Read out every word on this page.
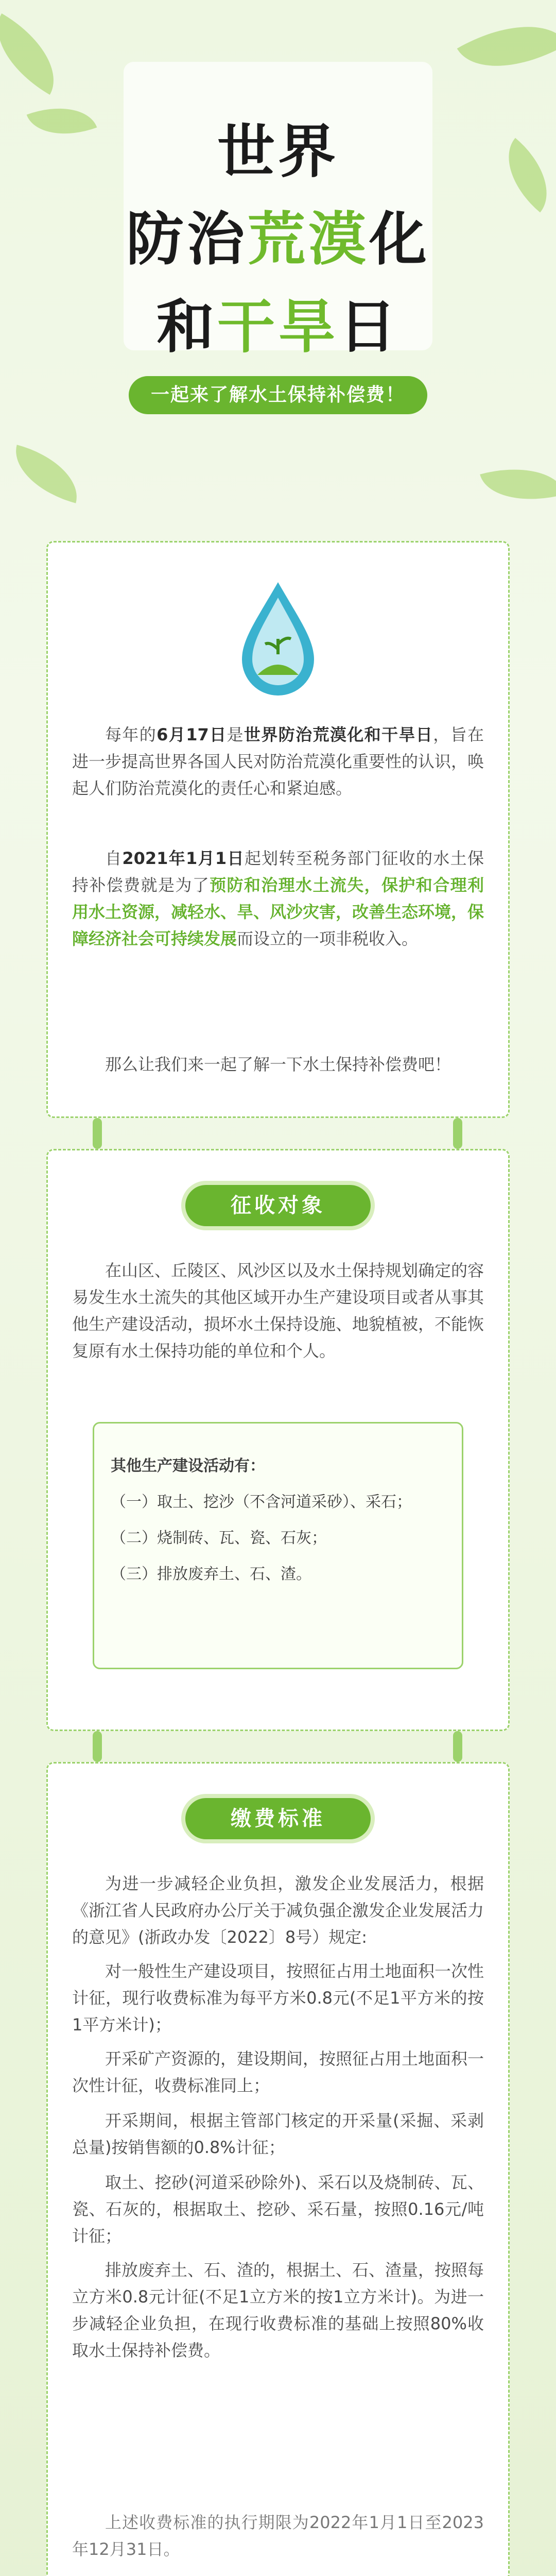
世界
防治荒漠化
和干旱日
一起来了解水土保持补偿费！
每年的6月17日是世界防治荒漠化和干旱日，旨在进一步提高世界各国人民对防治荒漠化重要性的认识，唤起人们防治荒漠化的责任心和紧迫感。
自2021年1月1日起划转至税务部门征收的水土保持补偿费就是为了预防和治理水土流失，保护和合理利用水土资源，减轻水、旱、风沙灾害，改善生态环境，保障经济社会可持续发展而设立的一项非税收入。
那么让我们来一起了解一下水土保持补偿费吧！
征收对象
在山区、丘陵区、风沙区以及水土保持规划确定的容易发生水土流失的其他区域开办生产建设项目或者从事其他生产建设活动，损坏水土保持设施、地貌植被，不能恢复原有水土保持功能的单位和个人。
其他生产建设活动有：
（一）取土、挖沙（不含河道采砂）、采石；
（二）烧制砖、瓦、瓷、石灰；
（三）排放废弃土、石、渣。
缴费标准
为进一步减轻企业负担，激发企业发展活力，根据《浙江省人民政府办公厅关于减负强企激发企业发展活力的意见》(浙政办发〔2022〕8号）规定:
对一般性生产建设项目，按照征占用土地面积一次性计征，现行收费标准为每平方米0.8元(不足1平方米的按1平方米计)；
开采矿产资源的，建设期间，按照征占用土地面积一次性计征，收费标准同上；
开采期间，根据主管部门核定的开采量(采掘、采剥总量)按销售额的0.8%计征；
取土、挖砂(河道采砂除外)、采石以及烧制砖、瓦、瓷、石灰的，根据取土、挖砂、采石量，按照0.16元/吨计征；
排放废弃土、石、渣的，根据土、石、渣量，按照每立方米0.8元计征(不足1立方米的按1立方米计)。为进一步减轻企业负担，在现行收费标准的基础上按照80%收取水土保持补偿费。
上述收费标准的执行期限为2022年1月1日至2023年12月31日。
